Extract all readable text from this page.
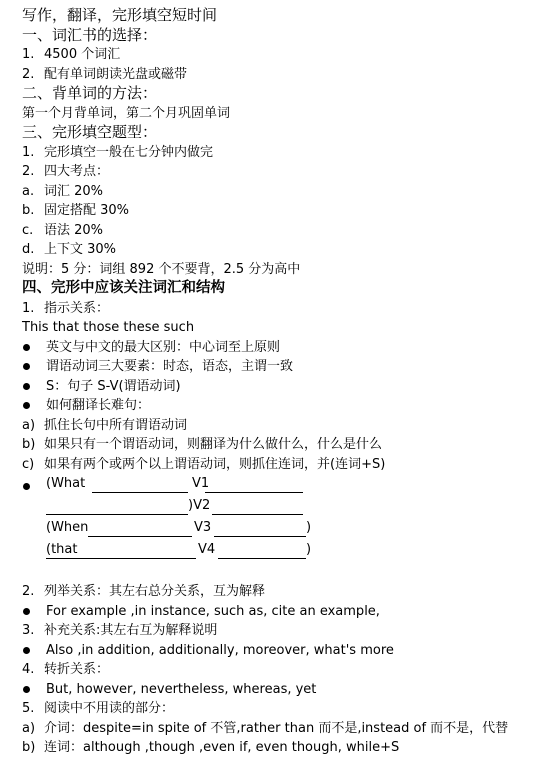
写作，翻译，完形填空短时间
一、词汇书的选择：
1. 4500 个词汇
2. 配有单词朗读光盘或磁带
二、背单词的方法：
第一个月背单词，第二个月巩固单词
三、完形填空题型：
1. 完形填空一般在七分钟内做完
2. 四大考点：
a. 词汇 20%
b. 固定搭配 30%
c. 语法 20%
d. 上下文 30%
说明：5 分：词组 892 个不要背，2.5 分为高中
四、完形中应该关注词汇和结构
1. 指示关系：
This that those these such
英文与中文的最大区别：中心词至上原则
谓语动词三大要素：时态，语态，主谓一致
S：句子 S-V(谓语动词)
如何翻译长难句：
a) 抓住长句中所有谓语动词
b) 如果只有一个谓语动词，则翻译为什么做什么，什么是什么
c) 如果有两个或两个以上谓语动词，则抓住连词，并(连词+S)
(What	V1
)V2
(When	V3	)
(that	V4	)
2. 列举关系：其左右总分关系，互为解释
For example ,in instance, such as, cite an example,
3. 补充关系:其左右互为解释说明
Also ,in addition, additionally, moreover, what's more
4. 转折关系：
But, however, nevertheless, whereas, yet
5. 阅读中不用读的部分：
a) 介词：despite=in spite of 不管,rather than 而不是,instead of 而不是，代替
b) 连词：although ,though ,even if, even though, while+S
